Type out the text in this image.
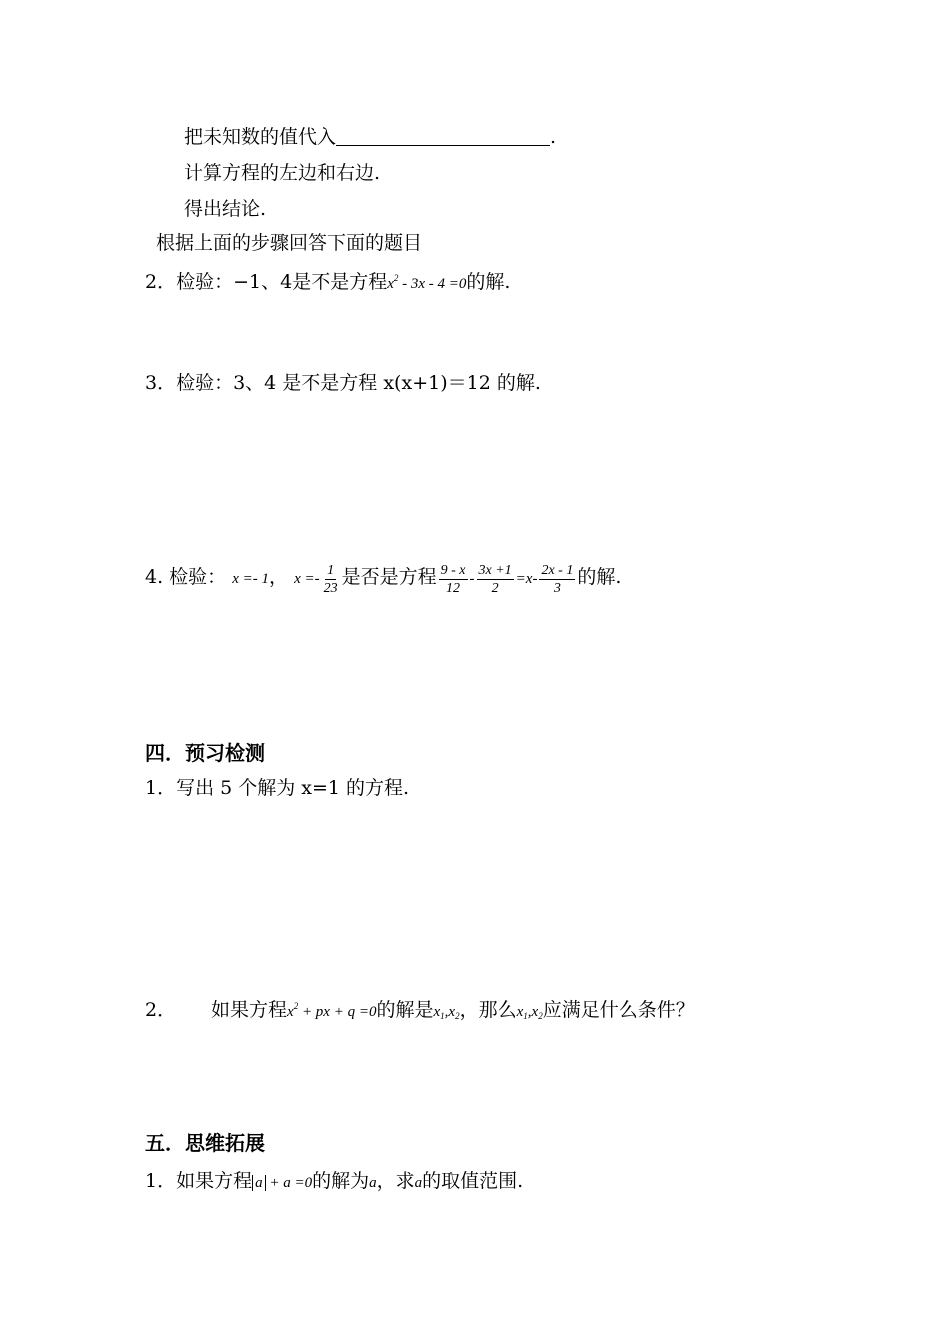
把未知数的值代入	.
计算方程的左边和右边.
得出结论.
根据上面的步骤回答下面的题目
2．检验：−1、4是不是方程$x^2 - 3x - 4 =0$的解.
3．检验：3、4 是不是方程 x(x+1)＝12 的解.
4. 检验： x =- 1， $x =- \frac{1}{23}$ 是否是方程 $\frac{9 - x}{12} - \frac{3x +1}{2} =x- \frac{2x - 1}{3}$ 的解.
四．预习检测
1．写出 5 个解为 x=1 的方程.
2． 如果方程$x^2$ + px + q =0的解是$x_1,x_2$，那么$x_1,x_2$应满足什么条件？
五．思维拓展
1．如果方程 a + a =0的解为a，求a的取值范围.
